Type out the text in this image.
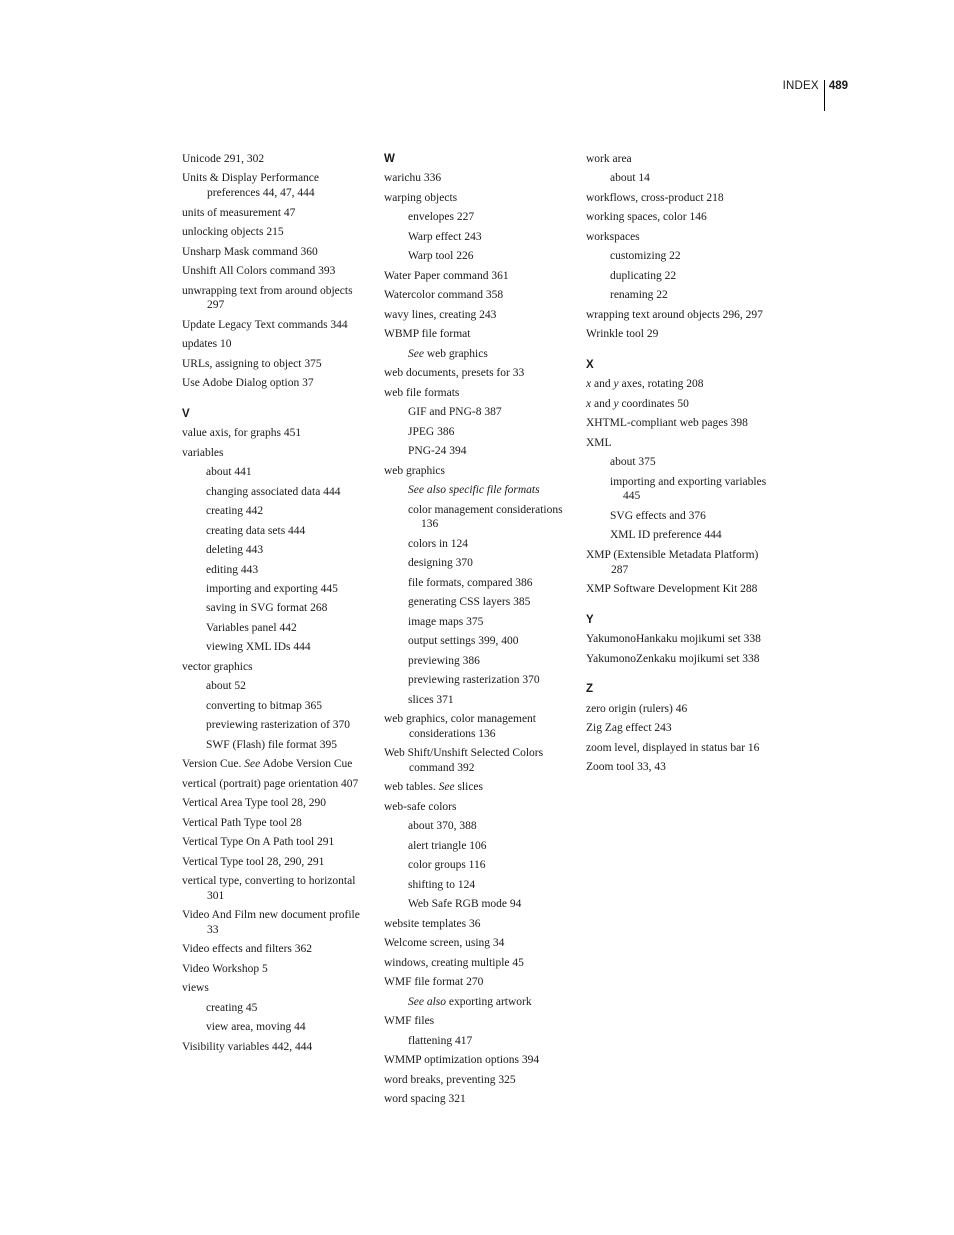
INDEX 489
Unicode 291, 302
Units & Display Performance preferences 44, 47, 444
units of measurement 47
unlocking objects 215
Unsharp Mask command 360
Unshift All Colors command 393
unwrapping text from around objects 297
Update Legacy Text commands 344
updates 10
URLs, assigning to object 375
Use Adobe Dialog option 37
V
value axis, for graphs 451
variables
about 441
changing associated data 444
creating 442
creating data sets 444
deleting 443
editing 443
importing and exporting 445
saving in SVG format 268
Variables panel 442
viewing XML IDs 444
vector graphics
about 52
converting to bitmap 365
previewing rasterization of 370
SWF (Flash) file format 395
Version Cue. See Adobe Version Cue
vertical (portrait) page orientation 407
Vertical Area Type tool 28, 290
Vertical Path Type tool 28
Vertical Type On A Path tool 291
Vertical Type tool 28, 290, 291
vertical type, converting to horizontal 301
Video And Film new document profile 33
Video effects and filters 362
Video Workshop 5
views
creating 45
view area, moving 44
Visibility variables 442, 444
W
warichu 336
warping objects
envelopes 227
Warp effect 243
Warp tool 226
Water Paper command 361
Watercolor command 358
wavy lines, creating 243
WBMP file format
See web graphics
web documents, presets for 33
web file formats
GIF and PNG-8 387
JPEG 386
PNG-24 394
web graphics
See also specific file formats
color management considerations 136
colors in 124
designing 370
file formats, compared 386
generating CSS layers 385
image maps 375
output settings 399, 400
previewing 386
previewing rasterization 370
slices 371
web graphics, color management considerations 136
Web Shift/Unshift Selected Colors command 392
web tables. See slices
web-safe colors
about 370, 388
alert triangle 106
color groups 116
shifting to 124
Web Safe RGB mode 94
website templates 36
Welcome screen, using 34
windows, creating multiple 45
WMF file format 270
See also exporting artwork
WMF files
flattening 417
WMMP optimization options 394
word breaks, preventing 325
word spacing 321
work area
about 14
workflows, cross-product 218
working spaces, color 146
workspaces
customizing 22
duplicating 22
renaming 22
wrapping text around objects 296, 297
Wrinkle tool 29
X
x and y axes, rotating 208
x and y coordinates 50
XHTML-compliant web pages 398
XML
about 375
importing and exporting variables 445
SVG effects and 376
XML ID preference 444
XMP (Extensible Metadata Platform) 287
XMP Software Development Kit 288
Y
YakumonoHankaku mojikumi set 338
YakumonoZenkaku mojikumi set 338
Z
zero origin (rulers) 46
Zig Zag effect 243
zoom level, displayed in status bar 16
Zoom tool 33, 43
